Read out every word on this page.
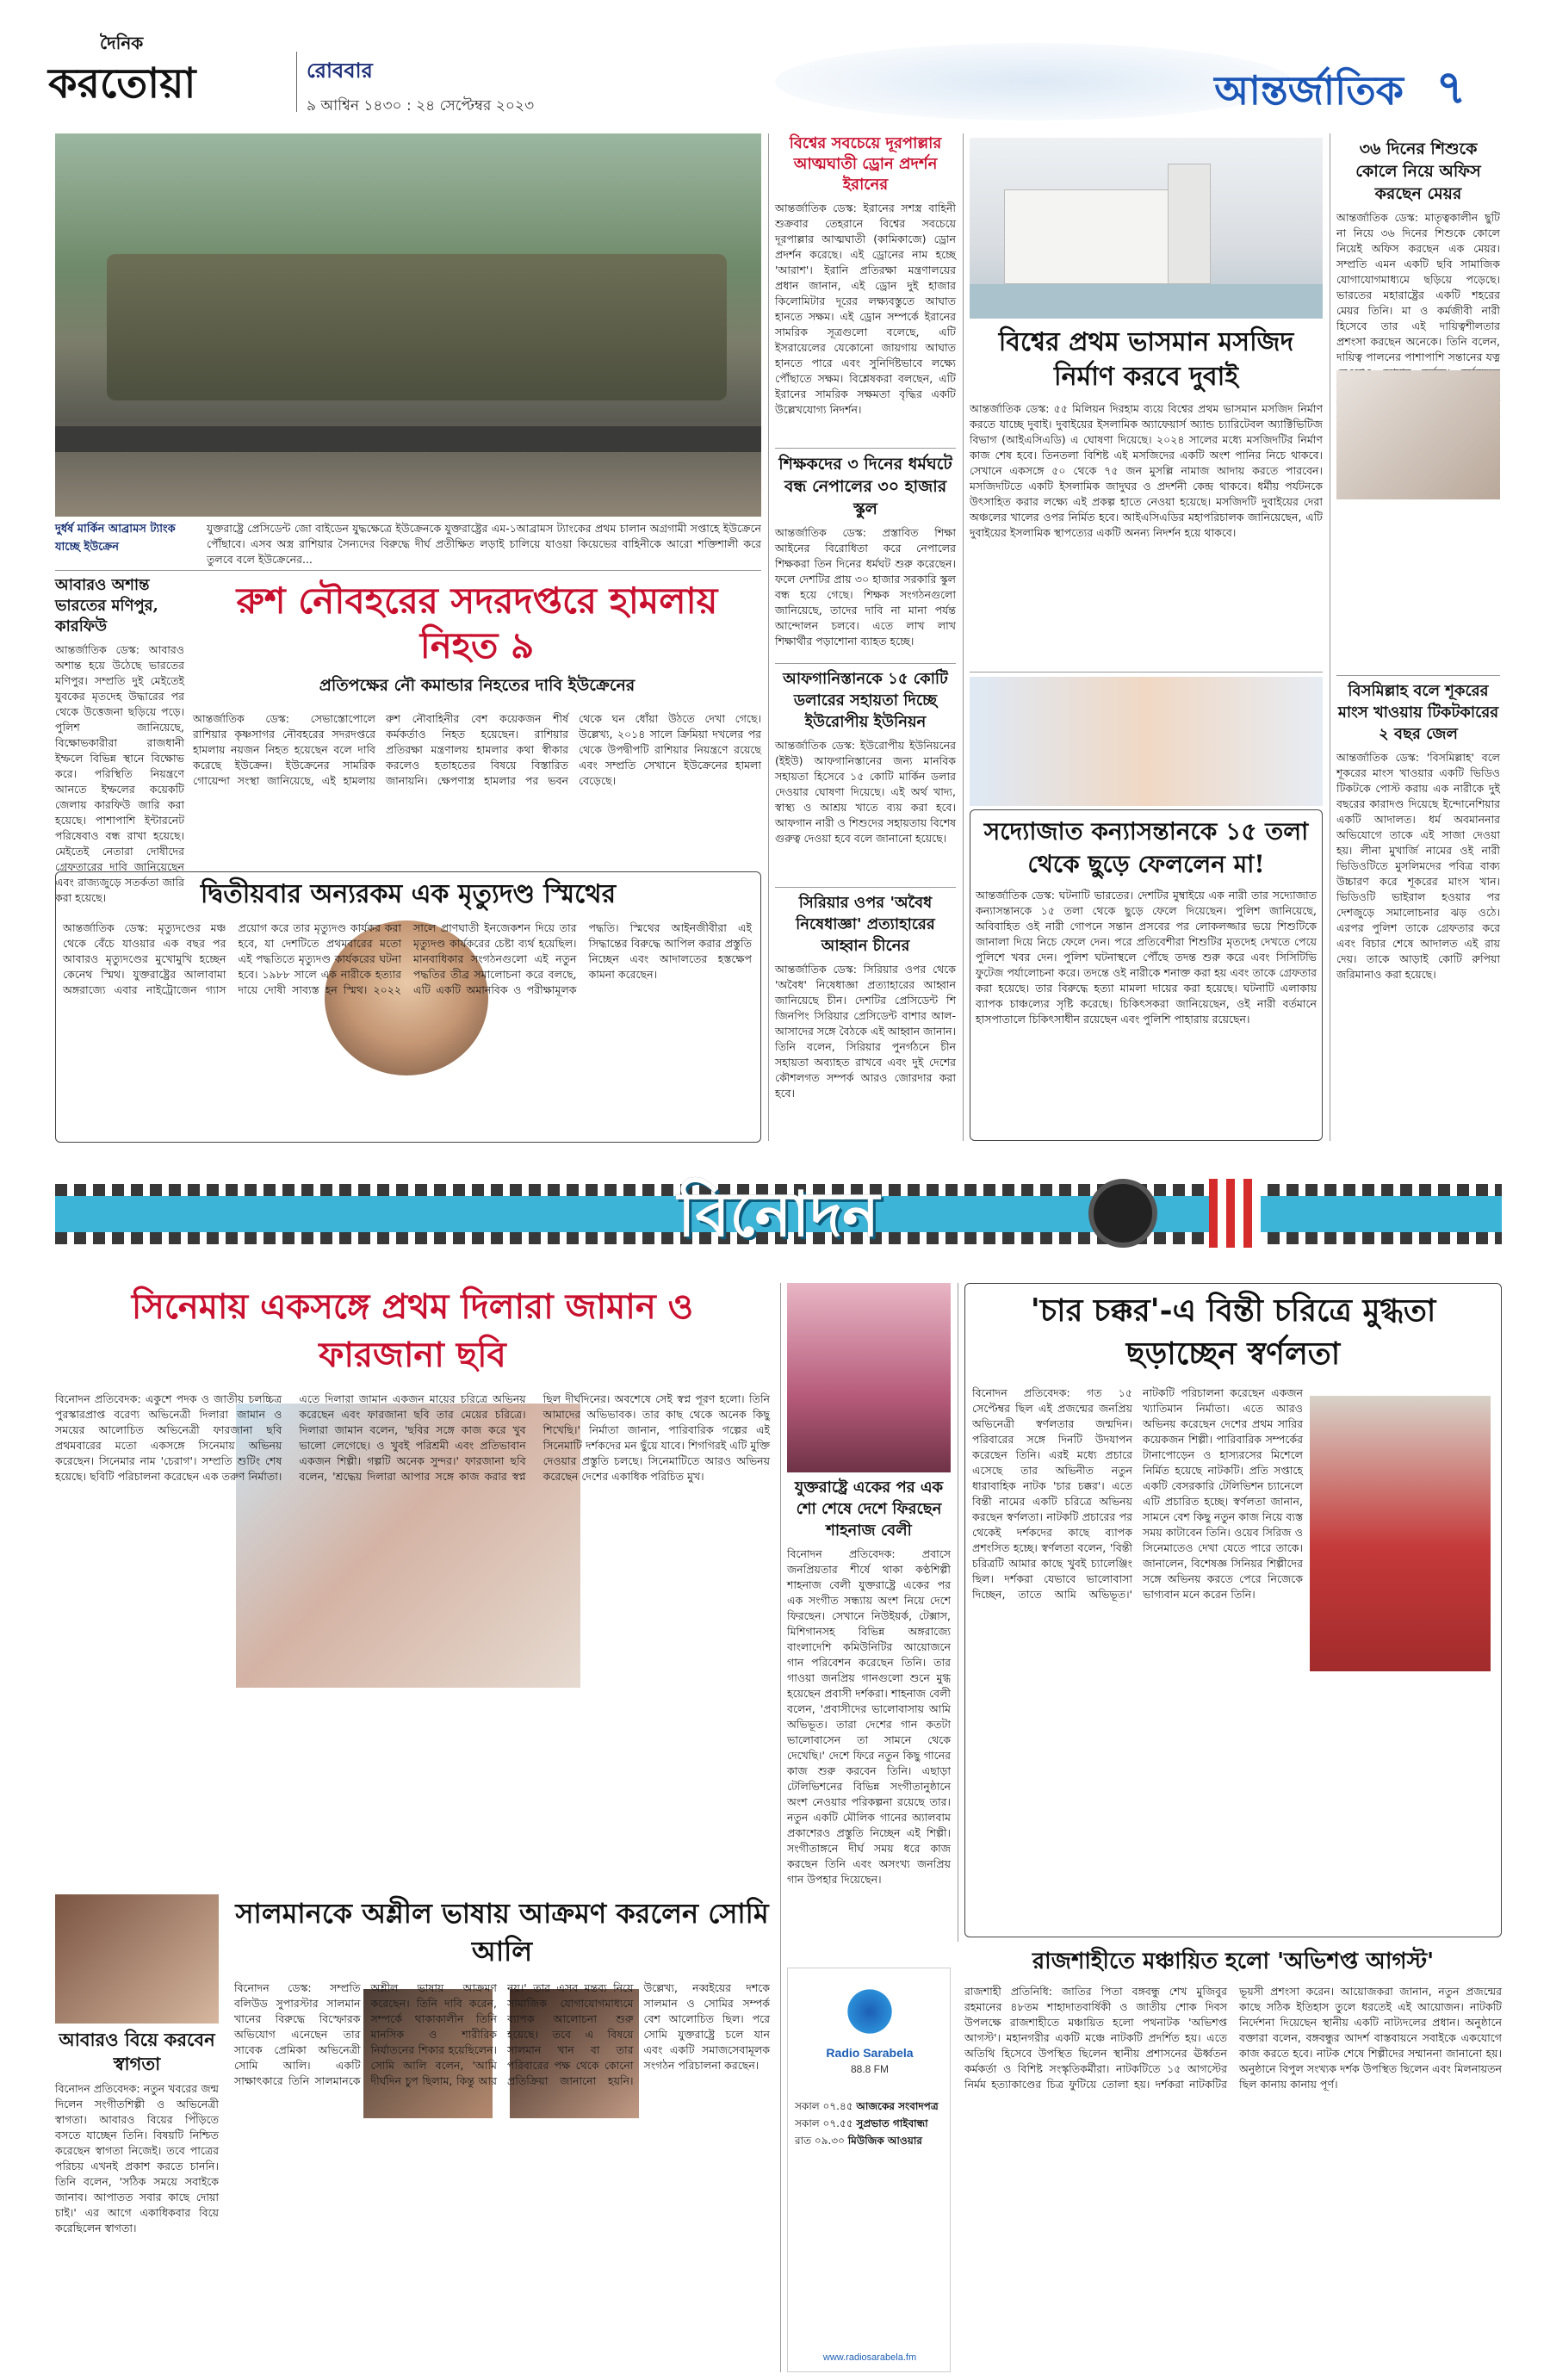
দৈনিক
করতোয়া	রোববার
৯ আশ্বিন ১৪৩০ : ২৪ সেপ্টেম্বর ২০২৩	আন্তর্জাতিক ৭
দুর্ধর্ষ মার্কিন আব্রামস ট্যাংক যাচ্ছে ইউক্রেন
যুক্তরাষ্ট্রে প্রেসিডেন্ট জো বাইডেন যুদ্ধক্ষেত্রে ইউক্রেনকে যুক্তরাষ্ট্রের এম-১আব্রামস ট্যাংকের প্রথম চালান অগ্রগামী সপ্তাহে ইউক্রেনে পৌঁছাবে। এসব অস্ত্র রাশিয়ার সৈন্যদের বিরুদ্ধে দীর্ঘ প্রতীক্ষিত লড়াই চালিয়ে যাওয়া কিয়েভের বাহিনীকে আরো শক্তিশালী করে তুলবে বলে ইউক্রেনের...
আবারও অশান্ত ভারতের মণিপুর, কারফিউ
আন্তর্জাতিক ডেস্ক: আবারও অশান্ত হয়ে উঠেছে ভারতের মণিপুর। সম্প্রতি দুই মেইতেই যুবকের মৃতদেহ উদ্ধারের পর থেকে উত্তেজনা ছড়িয়ে পড়ে। পুলিশ জানিয়েছে, বিক্ষোভকারীরা রাজধানী ইম্ফলে বিভিন্ন স্থানে বিক্ষোভ করে। পরিস্থিতি নিয়ন্ত্রণে আনতে ইম্ফলের কয়েকটি জেলায় কারফিউ জারি করা হয়েছে। পাশাপাশি ইন্টারনেট পরিষেবাও বন্ধ রাখা হয়েছে। মেইতেই নেতারা দোষীদের গ্রেফতারের দাবি জানিয়েছেন এবং রাজ্যজুড়ে সতর্কতা জারি করা হয়েছে।
রুশ নৌবহরের সদরদপ্তরে হামলায় নিহত ৯
প্রতিপক্ষের নৌ কমান্ডার নিহতের দাবি ইউক্রেনের
আন্তর্জাতিক ডেস্ক: সেভাস্তোপোলে রাশিয়ার কৃষ্ণসাগর নৌবহরের সদরদপ্তরে হামলায় নয়জন নিহত হয়েছেন বলে দাবি করেছে ইউক্রেন। ইউক্রেনের সামরিক গোয়েন্দা সংস্থা জানিয়েছে, এই হামলায় রুশ নৌবাহিনীর বেশ কয়েকজন শীর্ষ কর্মকর্তাও নিহত হয়েছেন। রাশিয়ার প্রতিরক্ষা মন্ত্রণালয় হামলার কথা স্বীকার করলেও হতাহতের বিষয়ে বিস্তারিত জানায়নি। ক্ষেপণাস্ত্র হামলার পর ভবন থেকে ঘন ধোঁয়া উঠতে দেখা গেছে। উল্লেখ্য, ২০১৪ সালে ক্রিমিয়া দখলের পর থেকে উপদ্বীপটি রাশিয়ার নিয়ন্ত্রণে রয়েছে এবং সম্প্রতি সেখানে ইউক্রেনের হামলা বেড়েছে।
দ্বিতীয়বার অন্যরকম এক মৃত্যুদণ্ড স্মিথের
আন্তর্জাতিক ডেস্ক: মৃত্যুদণ্ডের মঞ্চ থেকে বেঁচে যাওয়ার এক বছর পর আবারও মৃত্যুদণ্ডের মুখোমুখি হচ্ছেন কেনেথ স্মিথ। যুক্তরাষ্ট্রের আলাবামা অঙ্গরাজ্যে এবার নাইট্রোজেন গ্যাস প্রয়োগ করে তার মৃত্যুদণ্ড কার্যকর করা হবে, যা দেশটিতে প্রথমবারের মতো এই পদ্ধতিতে মৃত্যুদণ্ড কার্যকরের ঘটনা হবে। ১৯৮৮ সালে এক নারীকে হত্যার দায়ে দোষী সাব্যস্ত হন স্মিথ। ২০২২ সালে প্রাণঘাতী ইনজেকশন দিয়ে তার মৃত্যুদণ্ড কার্যকরের চেষ্টা ব্যর্থ হয়েছিল। মানবাধিকার সংগঠনগুলো এই নতুন পদ্ধতির তীব্র সমালোচনা করে বলছে, এটি একটি অমানবিক ও পরীক্ষামূলক পদ্ধতি। স্মিথের আইনজীবীরা এই সিদ্ধান্তের বিরুদ্ধে আপিল করার প্রস্তুতি নিচ্ছেন এবং আদালতের হস্তক্ষেপ কামনা করেছেন।
বিশ্বের সবচেয়ে দূরপাল্লার আত্মঘাতী ড্রোন প্রদর্শন ইরানের
আন্তর্জাতিক ডেস্ক: ইরানের সশস্ত্র বাহিনী শুক্রবার তেহরানে বিশ্বের সবচেয়ে দূরপাল্লার আত্মঘাতী (কামিকাজে) ড্রোন প্রদর্শন করেছে। এই ড্রোনের নাম হচ্ছে 'আরাশ'। ইরানি প্রতিরক্ষা মন্ত্রণালয়ের প্রধান জানান, এই ড্রোন দুই হাজার কিলোমিটার দূরের লক্ষ্যবস্তুতে আঘাত হানতে সক্ষম। এই ড্রোন সম্পর্কে ইরানের সামরিক সূত্রগুলো বলেছে, এটি ইসরায়েলের যেকোনো জায়গায় আঘাত হানতে পারে এবং সুনির্দিষ্টভাবে লক্ষ্যে পৌঁছাতে সক্ষম। বিশ্লেষকরা বলছেন, এটি ইরানের সামরিক সক্ষমতা বৃদ্ধির একটি উল্লেখযোগ্য নিদর্শন।
শিক্ষকদের ৩ দিনের ধর্মঘটে বন্ধ নেপালের ৩০ হাজার স্কুল
আন্তর্জাতিক ডেস্ক: প্রস্তাবিত শিক্ষা আইনের বিরোধিতা করে নেপালের শিক্ষকরা তিন দিনের ধর্মঘট শুরু করেছেন। ফলে দেশটির প্রায় ৩০ হাজার সরকারি স্কুল বন্ধ হয়ে গেছে। শিক্ষক সংগঠনগুলো জানিয়েছে, তাদের দাবি না মানা পর্যন্ত আন্দোলন চলবে। এতে লাখ লাখ শিক্ষার্থীর পড়াশোনা ব্যাহত হচ্ছে।
আফগানিস্তানকে ১৫ কোটি ডলারের সহায়তা দিচ্ছে ইউরোপীয় ইউনিয়ন
আন্তর্জাতিক ডেস্ক: ইউরোপীয় ইউনিয়নের (ইইউ) আফগানিস্তানের জন্য মানবিক সহায়তা হিসেবে ১৫ কোটি মার্কিন ডলার দেওয়ার ঘোষণা দিয়েছে। এই অর্থ খাদ্য, স্বাস্থ্য ও আশ্রয় খাতে ব্যয় করা হবে। আফগান নারী ও শিশুদের সহায়তায় বিশেষ গুরুত্ব দেওয়া হবে বলে জানানো হয়েছে।
সিরিয়ার ওপর 'অবৈধ নিষেধাজ্ঞা' প্রত্যাহারের আহ্বান চীনের
আন্তর্জাতিক ডেস্ক: সিরিয়ার ওপর থেকে 'অবৈধ' নিষেধাজ্ঞা প্রত্যাহারের আহ্বান জানিয়েছে চীন। দেশটির প্রেসিডেন্ট শি জিনপিং সিরিয়ার প্রেসিডেন্ট বাশার আল-আসাদের সঙ্গে বৈঠকে এই আহ্বান জানান। তিনি বলেন, সিরিয়ার পুনর্গঠনে চীন সহায়তা অব্যাহত রাখবে এবং দুই দেশের কৌশলগত সম্পর্ক আরও জোরদার করা হবে।
বিশ্বের প্রথম ভাসমান মসজিদ নির্মাণ করবে দুবাই
আন্তর্জাতিক ডেস্ক: ৫৫ মিলিয়ন দিরহাম ব্যয়ে বিশ্বের প্রথম ভাসমান মসজিদ নির্মাণ করতে যাচ্ছে দুবাই। দুবাইয়ের ইসলামিক অ্যাফেয়ার্স অ্যান্ড চ্যারিটেবল অ্যাক্টিভিটিজ বিভাগ (আইএসিএডি) এ ঘোষণা দিয়েছে। ২০২৪ সালের মধ্যে মসজিদটির নির্মাণ কাজ শেষ হবে। তিনতলা বিশিষ্ট এই মসজিদের একটি অংশ পানির নিচে থাকবে। সেখানে একসঙ্গে ৫০ থেকে ৭৫ জন মুসল্লি নামাজ আদায় করতে পারবেন। মসজিদটিতে একটি ইসলামিক জাদুঘর ও প্রদর্শনী কেন্দ্র থাকবে। ধর্মীয় পর্যটনকে উৎসাহিত করার লক্ষ্যে এই প্রকল্প হাতে নেওয়া হয়েছে। মসজিদটি দুবাইয়ের দেরা অঞ্চলের খালের ওপর নির্মিত হবে। আইএসিএডির মহাপরিচালক জানিয়েছেন, এটি দুবাইয়ের ইসলামিক স্থাপত্যের একটি অনন্য নিদর্শন হয়ে থাকবে।
সদ্যোজাত কন্যাসন্তানকে ১৫ তলা থেকে ছুড়ে ফেললেন মা!
আন্তর্জাতিক ডেস্ক: ঘটনাটি ভারতের। দেশটির মুম্বাইয়ে এক নারী তার সদ্যোজাত কন্যাসন্তানকে ১৫ তলা থেকে ছুড়ে ফেলে দিয়েছেন। পুলিশ জানিয়েছে, অবিবাহিত ওই নারী গোপনে সন্তান প্রসবের পর লোকলজ্জার ভয়ে শিশুটিকে জানালা দিয়ে নিচে ফেলে দেন। পরে প্রতিবেশীরা শিশুটির মৃতদেহ দেখতে পেয়ে পুলিশে খবর দেন। পুলিশ ঘটনাস্থলে পৌঁছে তদন্ত শুরু করে এবং সিসিটিভি ফুটেজ পর্যালোচনা করে। তদন্তে ওই নারীকে শনাক্ত করা হয় এবং তাকে গ্রেফতার করা হয়েছে। তার বিরুদ্ধে হত্যা মামলা দায়ের করা হয়েছে। ঘটনাটি এলাকায় ব্যাপক চাঞ্চল্যের সৃষ্টি করেছে। চিকিৎসকরা জানিয়েছেন, ওই নারী বর্তমানে হাসপাতালে চিকিৎসাধীন রয়েছেন এবং পুলিশি পাহারায় রয়েছেন।
৩৬ দিনের শিশুকে কোলে নিয়ে অফিস করছেন মেয়র
আন্তর্জাতিক ডেস্ক: মাতৃত্বকালীন ছুটি না নিয়ে ৩৬ দিনের শিশুকে কোলে নিয়েই অফিস করছেন এক মেয়র। সম্প্রতি এমন একটি ছবি সামাজিক যোগাযোগমাধ্যমে ছড়িয়ে পড়েছে। ভারতের মহারাষ্ট্রের একটি শহরের মেয়র তিনি। মা ও কর্মজীবী নারী হিসেবে তার এই দায়িত্বশীলতার প্রশংসা করছেন অনেকে। তিনি বলেন, দায়িত্ব পালনের পাশাপাশি সন্তানের যত্ন
বিসমিল্লাহ বলে শূকরের মাংস খাওয়ায় টিকটকারের ২ বছর জেল
আন্তর্জাতিক ডেস্ক: 'বিসমিল্লাহ' বলে শূকরের মাংস খাওয়ার একটি ভিডিও টিকটকে পোস্ট করায় এক নারীকে দুই বছরের কারাদণ্ড দিয়েছে ইন্দোনেশিয়ার একটি আদালত। ধর্ম অবমাননার অভিযোগে তাকে এই সাজা দেওয়া হয়। লীনা মুখার্জি নামের ওই নারী ভিডিওটিতে মুসলিমদের পবিত্র বাক্য উচ্চারণ করে শূকরের মাংস খান। ভিডিওটি ভাইরাল হওয়ার পর দেশজুড়ে সমালোচনার ঝড় ওঠে। এরপর পুলিশ তাকে গ্রেফতার করে এবং বিচার শেষে আদালত এই রায় দেয়। তাকে আড়াই কোটি রুপিয়া জরিমানাও করা হয়েছে।
বিনোদন
সিনেমায় একসঙ্গে প্রথম দিলারা জামান ও ফারজানা ছবি
বিনোদন প্রতিবেদক: একুশে পদক ও জাতীয় চলচ্চিত্র পুরস্কারপ্রাপ্ত বরেণ্য অভিনেত্রী দিলারা জামান ও সময়ের আলোচিত অভিনেত্রী ফারজানা ছবি প্রথমবারের মতো একসঙ্গে সিনেমায় অভিনয় করেছেন। সিনেমার নাম 'চেরাগ'। সম্প্রতি শুটিং শেষ হয়েছে। ছবিটি পরিচালনা করেছেন এক তরুণ নির্মাতা। এতে দিলারা জামান একজন মায়ের চরিত্রে অভিনয় করেছেন এবং ফারজানা ছবি তার মেয়ের চরিত্রে। দিলারা জামান বলেন, 'ছবির সঙ্গে কাজ করে খুব ভালো লেগেছে। ও খুবই পরিশ্রমী এবং প্রতিভাবান একজন শিল্পী। গল্পটি অনেক সুন্দর।' ফারজানা ছবি বলেন, 'শ্রদ্ধেয় দিলারা আপার সঙ্গে কাজ করার স্বপ্ন ছিল দীর্ঘদিনের। অবশেষে সেই স্বপ্ন পূরণ হলো। তিনি আমাদের অভিভাবক। তার কাছ থেকে অনেক কিছু শিখেছি।' নির্মাতা জানান, পারিবারিক গল্পের এই সিনেমাটি দর্শকদের মন ছুঁয়ে যাবে। শিগগিরই এটি মুক্তি দেওয়ার প্রস্তুতি চলছে। সিনেমাটিতে আরও অভিনয় করেছেন দেশের একাধিক পরিচিত মুখ।
আবারও বিয়ে করবেন স্বাগতা
বিনোদন প্রতিবেদক: নতুন খবরের জন্ম দিলেন সংগীতশিল্পী ও অভিনেত্রী স্বাগতা। আবারও বিয়ের পিঁড়িতে বসতে যাচ্ছেন তিনি। বিষয়টি নিশ্চিত করেছেন স্বাগতা নিজেই। তবে পাত্রের পরিচয় এখনই প্রকাশ করতে চাননি। তিনি বলেন, 'সঠিক সময়ে সবাইকে জানাব। আপাতত সবার কাছে দোয়া চাই।' এর আগে একাধিকবার বিয়ে করেছিলেন স্বাগতা।
সালমানকে অশ্লীল ভাষায় আক্রমণ করলেন সোমি আলি
বিনোদন ডেস্ক: সম্প্রতি বলিউড সুপারস্টার সালমান খানের বিরুদ্ধে বিস্ফোরক অভিযোগ এনেছেন তার সাবেক প্রেমিকা অভিনেত্রী সোমি আলি। একটি সাক্ষাৎকারে তিনি সালমানকে অশ্লীল ভাষায় আক্রমণ করেছেন। তিনি দাবি করেন, সম্পর্কে থাকাকালীন তিনি মানসিক ও শারীরিক নির্যাতনের শিকার হয়েছিলেন। সোমি আলি বলেন, 'আমি দীর্ঘদিন চুপ ছিলাম, কিন্তু আর নয়।' তার এসব মন্তব্য নিয়ে সামাজিক যোগাযোগমাধ্যমে ব্যাপক আলোচনা শুরু হয়েছে। তবে এ বিষয়ে সালমান খান বা তার পরিবারের পক্ষ থেকে কোনো প্রতিক্রিয়া জানানো হয়নি। উল্লেখ্য, নব্বইয়ের দশকে সালমান ও সোমির সম্পর্ক বেশ আলোচিত ছিল। পরে সোমি যুক্তরাষ্ট্রে চলে যান এবং একটি সমাজসেবামূলক সংগঠন পরিচালনা করছেন।
যুক্তরাষ্ট্রে একের পর এক শো শেষে দেশে ফিরছেন শাহনাজ বেলী
বিনোদন প্রতিবেদক: প্রবাসে জনপ্রিয়তার শীর্ষে থাকা কণ্ঠশিল্পী শাহনাজ বেলী যুক্তরাষ্ট্রে একের পর এক সংগীত সন্ধ্যায় অংশ নিয়ে দেশে ফিরছেন। সেখানে নিউইয়র্ক, টেক্সাস, মিশিগানসহ বিভিন্ন অঙ্গরাজ্যে বাংলাদেশি কমিউনিটির আয়োজনে গান পরিবেশন করেছেন তিনি। তার গাওয়া জনপ্রিয় গানগুলো শুনে মুগ্ধ হয়েছেন প্রবাসী দর্শকরা। শাহনাজ বেলী বলেন, 'প্রবাসীদের ভালোবাসায় আমি অভিভূত। তারা দেশের গান কতটা ভালোবাসেন তা সামনে থেকে দেখেছি।' দেশে ফিরে নতুন কিছু গানের কাজ শুরু করবেন তিনি। এছাড়া টেলিভিশনের বিভিন্ন সংগীতানুষ্ঠানে অংশ নেওয়ার পরিকল্পনা রয়েছে তার। নতুন একটি মৌলিক গানের অ্যালবাম প্রকাশেরও প্রস্তুতি নিচ্ছেন এই শিল্পী। সংগীতাঙ্গনে দীর্ঘ সময় ধরে কাজ করছেন তিনি এবং অসংখ্য জনপ্রিয় গান উপহার দিয়েছেন।
Radio Sarabela
88.8 FM
সকাল ০৭.৪৫ আজকের সংবাদপত্র
সকাল ০৭.৫৫ সুপ্রভাত গাইবান্ধা
রাত ০৯.৩০ মিউজিক আওয়ার
www.radiosarabela.fm
'চার চক্কর'-এ বিন্তী চরিত্রে মুগ্ধতা ছড়াচ্ছেন স্বর্ণলতা
বিনোদন প্রতিবেদক: গত ১৫ সেপ্টেম্বর ছিল এই প্রজন্মের জনপ্রিয় অভিনেত্রী স্বর্ণলতার জন্মদিন। পরিবারের সঙ্গে দিনটি উদযাপন করেছেন তিনি। এরই মধ্যে প্রচারে এসেছে তার অভিনীত নতুন ধারাবাহিক নাটক 'চার চক্কর'। এতে বিন্তী নামের একটি চরিত্রে অভিনয় করছেন স্বর্ণলতা। নাটকটি প্রচারের পর থেকেই দর্শকদের কাছে ব্যাপক প্রশংসিত হচ্ছে। স্বর্ণলতা বলেন, 'বিন্তী চরিত্রটি আমার কাছে খুবই চ্যালেঞ্জিং ছিল। দর্শকরা যেভাবে ভালোবাসা দিচ্ছেন, তাতে আমি অভিভূত।' নাটকটি পরিচালনা করেছেন একজন খ্যাতিমান নির্মাতা। এতে আরও অভিনয় করেছেন দেশের প্রথম সারির কয়েকজন শিল্পী। পারিবারিক সম্পর্কের টানাপোড়েন ও হাস্যরসের মিশেলে নির্মিত হয়েছে নাটকটি। প্রতি সপ্তাহে একটি বেসরকারি টেলিভিশন চ্যানেলে এটি প্রচারিত হচ্ছে। স্বর্ণলতা জানান, সামনে বেশ কিছু নতুন কাজ নিয়ে ব্যস্ত সময় কাটাবেন তিনি। ওয়েব সিরিজ ও সিনেমাতেও দেখা যেতে পারে তাকে। জানালেন, বিশেষজ্ঞ সিনিয়র শিল্পীদের সঙ্গে অভিনয় করতে পেরে নিজেকে ভাগ্যবান মনে করেন তিনি।
রাজশাহীতে মঞ্চায়িত হলো 'অভিশপ্ত আগস্ট'
রাজশাহী প্রতিনিধি: জাতির পিতা বঙ্গবন্ধু শেখ মুজিবুর রহমানের ৪৮তম শাহাদাতবার্ষিকী ও জাতীয় শোক দিবস উপলক্ষে রাজশাহীতে মঞ্চায়িত হলো পথনাটক 'অভিশপ্ত আগস্ট'। মহানগরীর একটি মঞ্চে নাটকটি প্রদর্শিত হয়। এতে অতিথি হিসেবে উপস্থিত ছিলেন স্থানীয় প্রশাসনের ঊর্ধ্বতন কর্মকর্তা ও বিশিষ্ট সংস্কৃতিকর্মীরা। নাটকটিতে ১৫ আগস্টের নির্মম হত্যাকাণ্ডের চিত্র ফুটিয়ে তোলা হয়। দর্শকরা নাটকটির ভূয়সী প্রশংসা করেন। আয়োজকরা জানান, নতুন প্রজন্মের কাছে সঠিক ইতিহাস তুলে ধরতেই এই আয়োজন। নাটকটি নির্দেশনা দিয়েছেন স্থানীয় একটি নাট্যদলের প্রধান। অনুষ্ঠানে বক্তারা বলেন, বঙ্গবন্ধুর আদর্শ বাস্তবায়নে সবাইকে একযোগে কাজ করতে হবে। নাটক শেষে শিল্পীদের সম্মাননা জানানো হয়। অনুষ্ঠানে বিপুল সংখ্যক দর্শক উপস্থিত ছিলেন এবং মিলনায়তন ছিল কানায় কানায় পূর্ণ।
